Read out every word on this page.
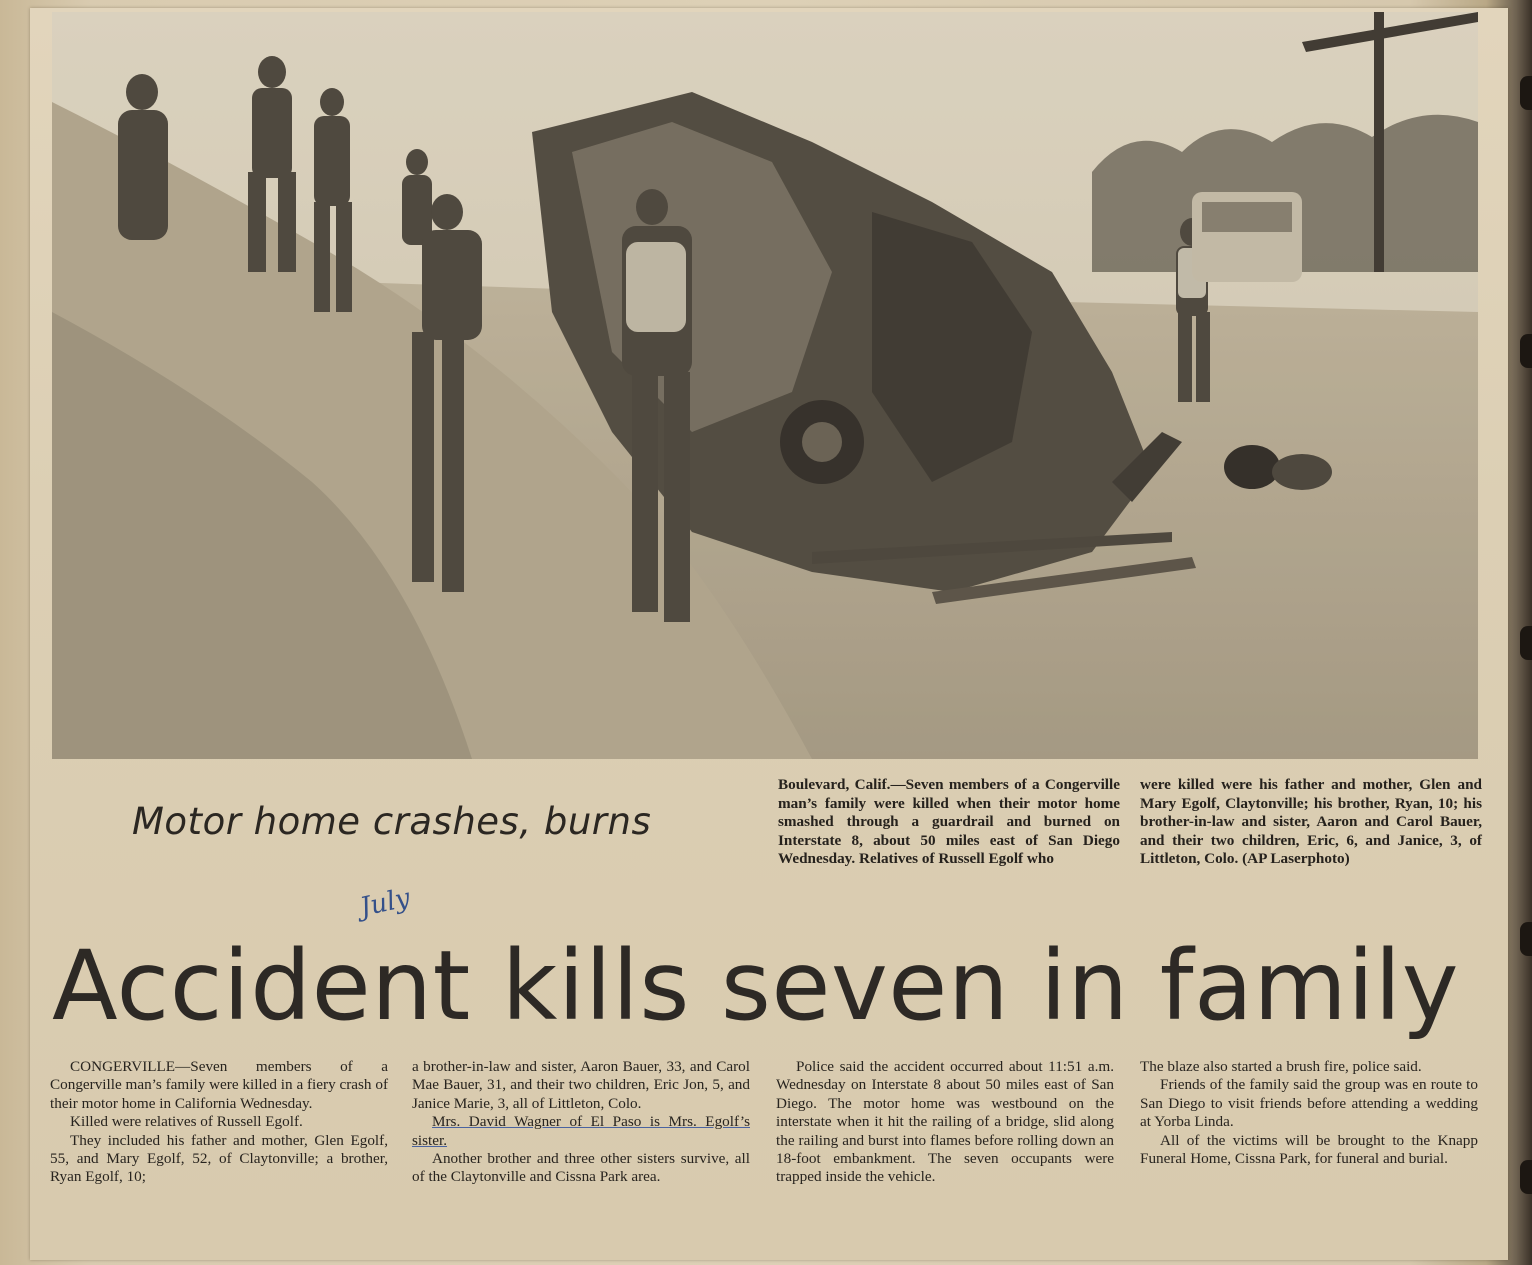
Motor home crashes, burns
Boulevard, Calif.—Seven members of a Congerville man’s family were killed when their motor home smashed through a guardrail and burned on Interstate 8, about 50 miles east of San Diego Wednesday. Relatives of Russell Egolf who
were killed were his father and mother, Glen and Mary Egolf, Claytonville; his brother, Ryan, 10; his brother-in-law and sister, Aaron and Carol Bauer, and their two children, Eric, 6, and Janice, 3, of Littleton, Colo. (AP Laserphoto)
July
Accident kills seven in family

CONGERVILLE—Seven members of a Congerville man’s family were killed in a fiery crash of their motor home in California Wednesday.

Killed were relatives of Russell Egolf.

They included his father and mother, Glen Egolf, 55, and Mary Egolf, 52, of Claytonville; a brother, Ryan Egolf, 10;

a brother-in-law and sister, Aaron Bauer, 33, and Carol Mae Bauer, 31, and their two children, Eric Jon, 5, and Janice Marie, 3, all of Littleton, Colo.

Mrs. David Wagner of El Paso is Mrs. Egolf’s sister.

Another brother and three other sisters survive, all of the Claytonville and Cissna Park area.

Police said the accident occurred about 11:51 a.m. Wednesday on Interstate 8 about 50 miles east of San Diego. The motor home was westbound on the interstate when it hit the railing of a bridge, slid along the railing and burst into flames before rolling down an 18-foot embankment. The seven occupants were trapped inside the vehicle.

The blaze also started a brush fire, police said.

Friends of the family said the group was en route to San Diego to visit friends before attending a wedding at Yorba Linda.

All of the victims will be brought to the Knapp Funeral Home, Cissna Park, for funeral and burial.
